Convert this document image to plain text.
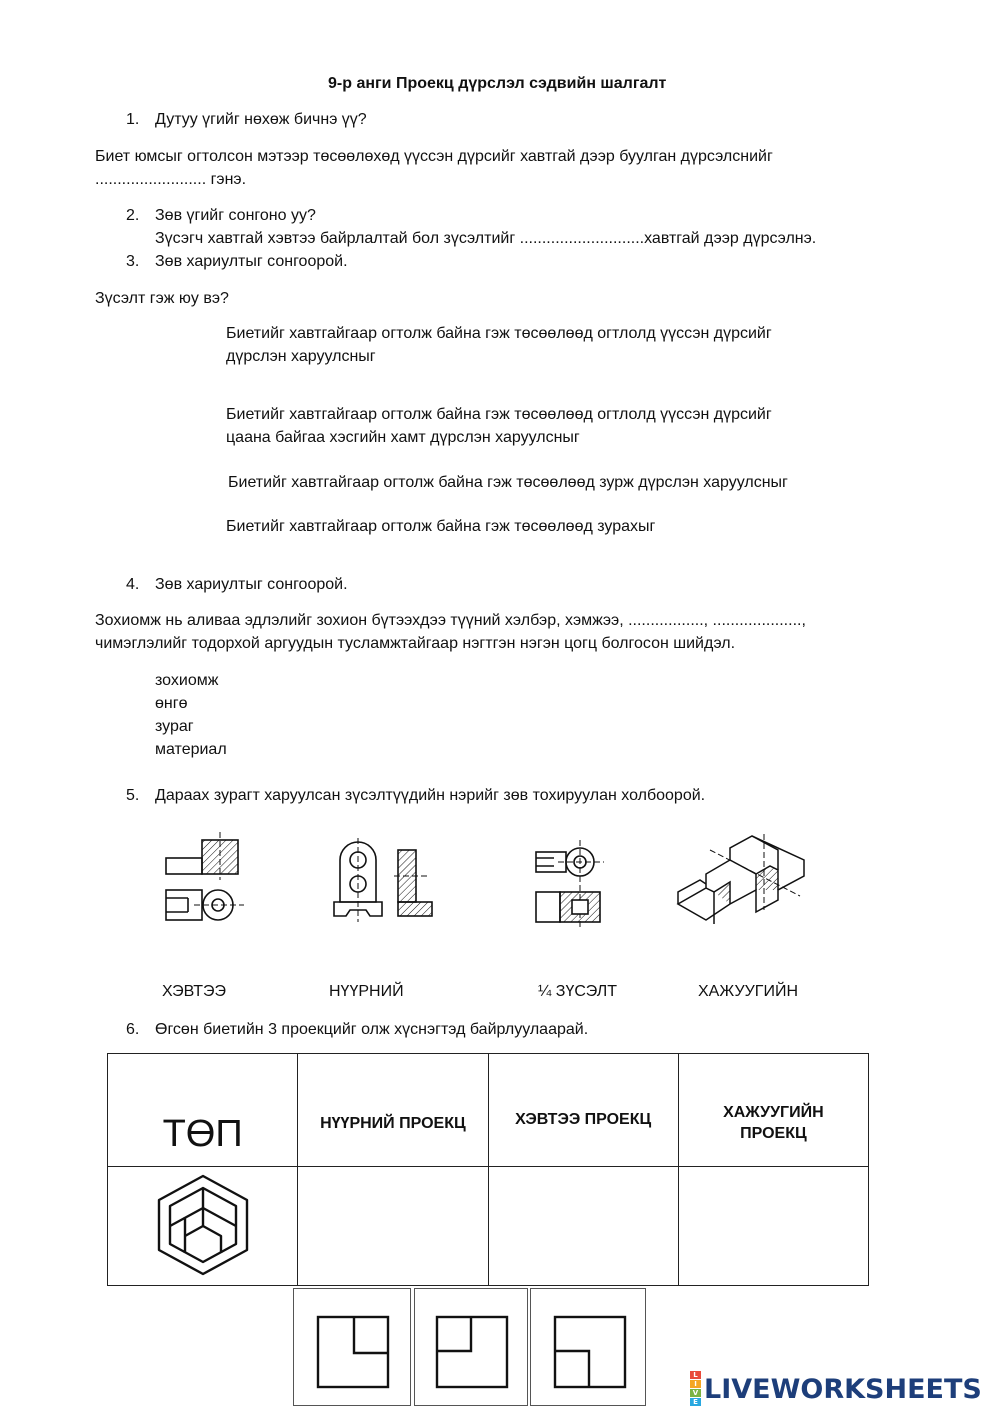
9-р анги Проекц дүрслэл сэдвийн шалгалт
1. Дутуу үгийг нөхөж бичнэ үү?
Биет юмсыг огтолсон мэтээр төсөөлөхөд үүссэн дүрсийг хавтгай дээр буулган дүрсэлснийг
......................... гэнэ.
2. Зөв үгийг сонгоно уу?
Зүсэгч хавтгай хэвтээ байрлалтай бол зүсэлтийг ............................хавтгай дээр дүрсэлнэ.
3. Зөв хариултыг сонгоорой.
Зүсэлт гэж юу вэ?
Биетийг хавтгайгаар огтолж байна гэж төсөөлөөд огтлолд үүссэн дүрсийг
дүрслэн харуулсныг
Биетийг хавтгайгаар огтолж байна гэж төсөөлөөд огтлолд үүссэн дүрсийг
цаана байгаа хэсгийн хамт дүрслэн харуулсныг
Биетийг хавтгайгаар огтолж байна гэж төсөөлөөд зурж дүрслэн харуулсныг
Биетийг хавтгайгаар огтолж байна гэж төсөөлөөд зурахыг
4. Зөв хариултыг сонгоорой.
Зохиомж нь аливаа эдлэлийг зохион бүтээхдээ түүний хэлбэр, хэмжээ, ................., ....................,
чимэглэлийг тодорхой аргуудын тусламжтайгаар нэгтгэн нэгэн цогц болгосон шийдэл.
зохиомж
өнгө
зураг
материал
5. Дараах зурагт харуулсан зүсэлтүүдийн нэрийг зөв тохируулан холбоорой.
ХЭВТЭЭ	НҮҮРНИЙ	¼ ЗҮСЭЛТ	ХАЖУУГИЙН
6. Өгсөн биетийн 3 проекцийг олж хүснэгтэд байрлуулаарай.
ТӨП	НҮҮРНИЙ ПРОЕКЦ	ХЭВТЭЭ ПРОЕКЦ	ХАЖУУГИЙН ПРОЕКЦ

L
I
V
E LIVEWORKSHEETS
